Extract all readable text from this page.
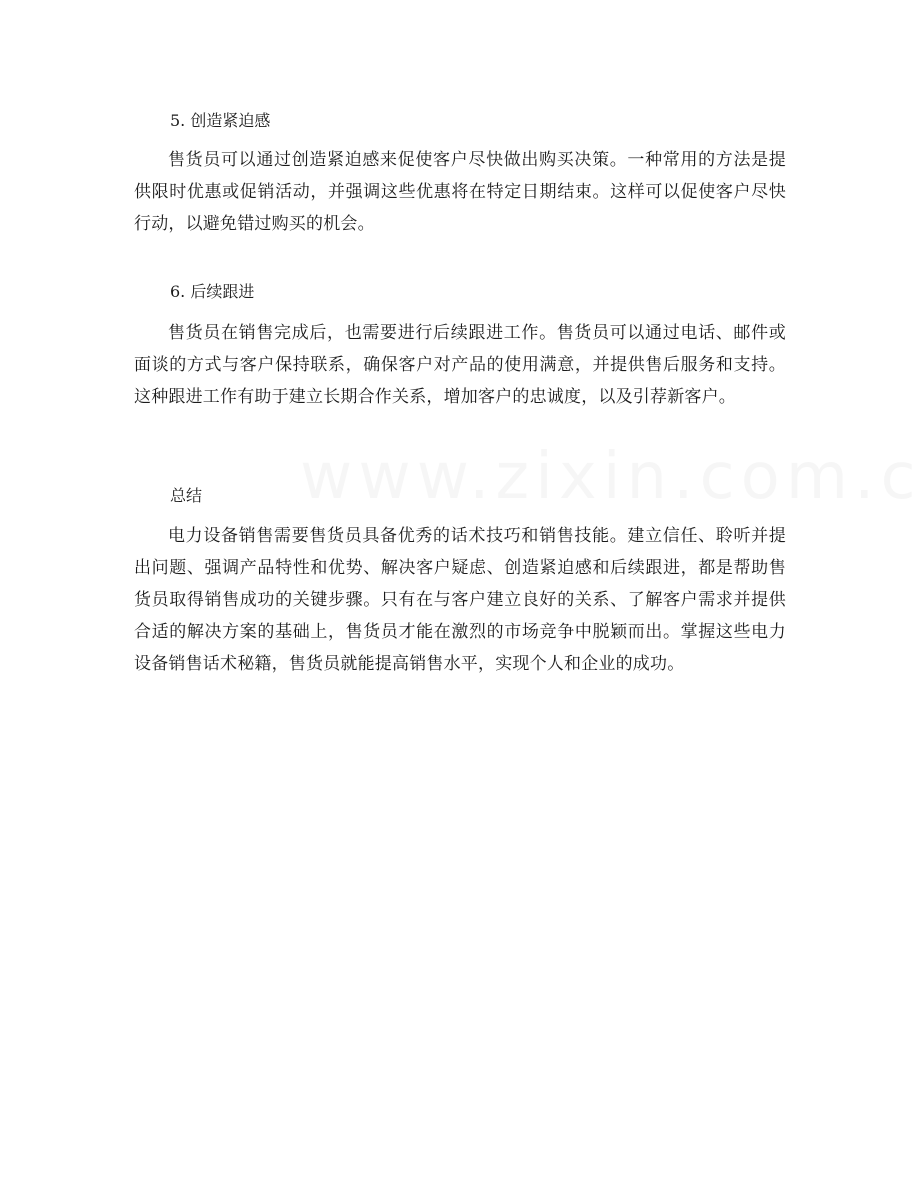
5. 创造紧迫感
售货员可以通过创造紧迫感来促使客户尽快做出购买决策。一种常用的方法是提供限时优惠或促销活动，并强调这些优惠将在特定日期结束。这样可以促使客户尽快行动，以避免错过购买的机会。
6. 后续跟进
售货员在销售完成后，也需要进行后续跟进工作。售货员可以通过电话、邮件或面谈的方式与客户保持联系，确保客户对产品的使用满意，并提供售后服务和支持。这种跟进工作有助于建立长期合作关系，增加客户的忠诚度，以及引荐新客户。
总结
电力设备销售需要售货员具备优秀的话术技巧和销售技能。建立信任、聆听并提出问题、强调产品特性和优势、解决客户疑虑、创造紧迫感和后续跟进，都是帮助售货员取得销售成功的关键步骤。只有在与客户建立良好的关系、了解客户需求并提供合适的解决方案的基础上，售货员才能在激烈的市场竞争中脱颖而出。掌握这些电力设备销售话术秘籍，售货员就能提高销售水平，实现个人和企业的成功。
